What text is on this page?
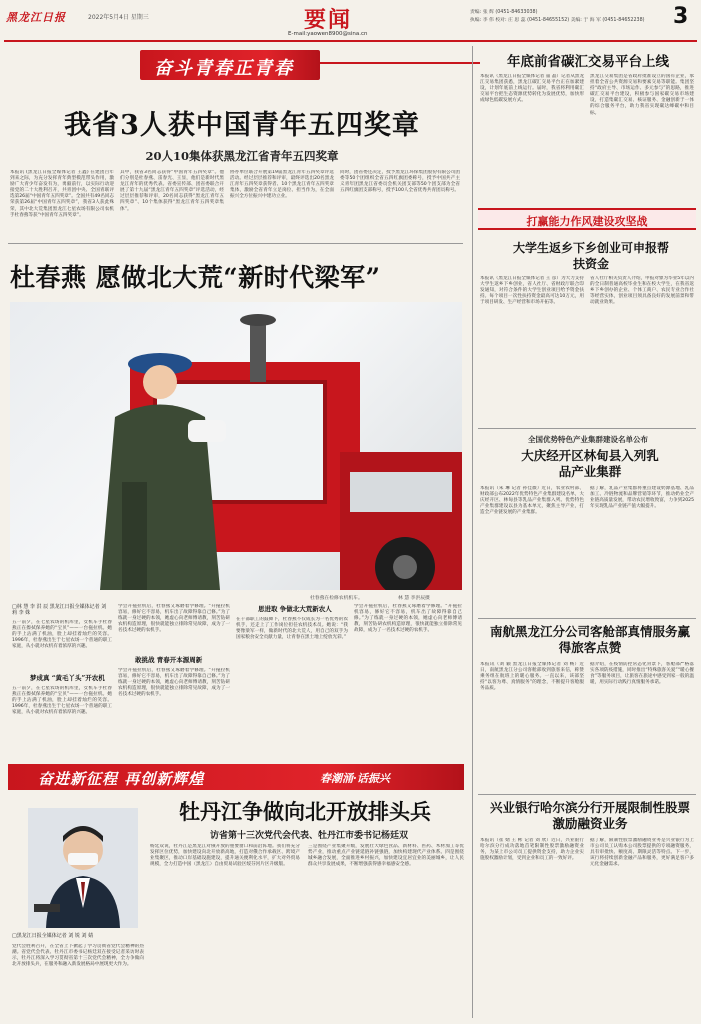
黑龙江日报	2022年5月4日 星期三	要闻
E-mail:yaowen8900@sina.cn
责编: 张 辉 (0451-84633038)
执编: 李 伟 校对: 庄 思 蕊 (0451-84655152) 美编: 于 海 军 (0451-84652238)	3
奋斗青春正青春
我省3人获中国青年五四奖章
20人10集体获黑龙江省青年五四奖章
本报讯 (黑龙江日报全媒体记者 王鑫) 在建团百年到来之际，为充分发挥青年典型模范带头作用，激励广大青少年奋发有为，勇毅前行，以实际行动迎接党的二十大胜利召开，共青团中央、全国青联评选第26届“中国青年五四奖章”。全国共有49名同志荣获第26届“中国青年五四奖章”，我省3人获此殊荣，其中北大荒集团黑龙江七星农场有限公司农机手杜春燕等获“中国青年五四奖章”。
其中，我省3名同志获得“中国青年五四奖章”。他们分别是杜春燕、雷春光、王显，他们是新时代黑龙江青年的优秀代表。省委宣传部、团省委联合开展了第十九届“黑龙江青年五四奖章”评选活动，经过层层推荐和评审，20名同志获得“黑龙江青年五四奖章”、10个集体获得“黑龙江青年五四奖章集体”。
协办单位联合开展第19届黑龙江青年五四奖章评选活动。经过层层推荐和评审，最终评选出20名黑龙江青年五四奖章获得者、10个黑龙江青年五四奖章集体，激励全省青年立足岗位、担当作为，在全面振兴全方位振兴中建功立业。
同时，团省委还决定，授予黑龙江环保集团股份有限公司团委等50个团组织全省五四红旗团委称号，授予中国共产主义青年团黑龙江省委员会机关团支部等50个团支部为全省五四红旗团支部称号，授予100人全省优秀共青团员称号。
杜春燕 愿做北大荒“新时代梁军”
杜春燕在检修农机机车。	林 慧 李洪辰摄
□林 慧 李 洪 辰 黑龙江日报全媒体记者 刘 莉 李 姝
五一前夕，在七星农场的机库里，女机车手杜春燕正在擦拭保养她的“宝贝”——一台拖拉机。她的手上沾满了机油，脸上却挂着灿烂的笑容。1996年，杜春燕出生于七星农场一个普通的职工家庭，从小就对农机有着浓厚的兴趣。
梦成真 “黄毛丫头”开农机
五一前夕，在七星农场的机库里，女机车手杜春燕正在擦拭保养她的“宝贝”——一台拖拉机。她的手上沾满了机油，脸上却挂着灿烂的笑容。1996年，杜春燕出生于七星农场一个普通的职工家庭，从小就对农机有着浓厚的兴趣。
学会开拖拉机后，杜春燕又琢磨着学修理。“开拖拉机容易，修好它不容易，机车出了故障得靠自己修。”为了练就一身过硬的本领，她虚心向老师傅请教，刻苦钻研农机构造原理，很快就能独立排除常见故障，成为了一名技术过硬的农机手。
敢挑战 青春开本源周新
学会开拖拉机后，杜春燕又琢磨着学修理。“开拖拉机容易，修好它不容易，机车出了故障得靠自己修。”为了练就一身过硬的本领，她虚心向老师傅请教，刻苦钻研农机构造原理，很快就能独立排除常见故障，成为了一名技术过硬的农机手。
思进取 争做北大荒新农人
在干部职工的鼓舞下，杜春燕不仅成长为一名优秀的农机手，还走上了工作岗位担任农机技术员。她说：“我要像梁军一样，做新时代的北大荒人，用自己的双手为国家粮食安全贡献力量，让青春在黑土地上绽放光彩。”
学会开拖拉机后，杜春燕又琢磨着学修理。“开拖拉机容易，修好它不容易，机车出了故障得靠自己修。”为了练就一身过硬的本领，她虚心向老师傅请教，刻苦钻研农机构造原理，很快就能独立排除常见故障，成为了一名技术过硬的农机手。
奋进新征程 再创新辉煌	春潮涌·话振兴
牡丹江争做向北开放排头兵
访省第十三次党代会代表、牡丹江市委书记杨廷双
□黑龙江日报全媒体记者 刘 锐 刘 婧
党代会胜利召开，在全省上下掀起了学习贯彻省党代会精神的热潮。省党代会代表、牡丹江市委书记杨廷双在接受记者采访时表示，牡丹江将深入学习贯彻省第十三次党代会精神，全力争做向北开放排头兵，在服务和融入新发展格局中展现更大作为。
杨廷双说，牡丹江是黑龙江对俄开放的重要窗口和前沿阵地。我们将充分发挥区位优势，加快建设向北开放新高地，打造对俄合作承载区、跨境产业集聚区，推动口岸基础设施建设，提升通关便利化水平，扩大对外贸易规模，全力打造中国（黑龙江）自由贸易试验区绥芬河片区升级版。
三是围绕产业集聚升级，发展壮大绿色食品、新材料、医药、木材加工等优势产业，推动重点产业链延链补链强链，加快构建现代产业体系。四是围绕城乡融合发展，全面推进乡村振兴，加快建设宜居宜业的美丽城乡，让人民群众共享发展成果，不断增强获得感幸福感安全感。
年底前省碳汇交易平台上线
本报讯（黑龙江日报全媒体记者 董 晶）记者从黑龙江交易集团获悉，黑龙江碳汇交易平台正在加紧建设，计划年底前上线运行。届时，我省将利用碳汇交易平台把生态资源优势转化为发展优势，加快形成绿色低碳发展方式。
黑龙江交易集团是省政府批准设立的国有企业，承担着全省公共资源交易和要素交易等职能。集团坚持“政府主导、市场运作、多元参与”的思路，推进碳汇交易平台建设，积极参与国家碳交易市场建设，打造集碳汇交易、核证服务、金融创新于一体的综合服务平台，助力我省实现碳达峰碳中和目标。
打赢能力作风建设攻坚战
大学生返乡下乡创业可申报帮扶资金
本报讯（黑龙江日报全媒体记者 王 彦）为大力支持大学生返乡下乡创业，省人社厅、省财政厅联合印发通知，对符合条件的大学生创业项目给予资金扶持。每个项目一次性扶持资金最高可达10万元，用于项目研发、生产经营和市场开拓等。
省人社厅相关负责人介绍，申报对象为毕业5年以内的全日制普通高校毕业生和在校大学生，在我省返乡下乡创办的企业、个体工商户、农民专业合作社等经营实体，创业项目须具备良好的发展前景和带动就业效果。
全国优势特色产业集群建设名单公布
大庆经开区林甸县入列乳品产业集群
本报讯（朱 琳 记者 孙佳薇）近日，农业农村部、财政部公布2022年优势特色产业集群建设名单，大庆经开区、林甸县等乳品产业集群入列。优势特色产业集群建设以县为基本单元，聚焦主导产业，打造全产业链发展的产业集群。
据了解，乳品产业集群将重点建设奶源基地、乳品加工、冷链物流和品牌营销等环节，推动奶业全产业链高质量发展，带动农民增收致富，力争到2025年实现乳品产业链产值大幅提升。
南航黑龙江分公司客舱部真情服务赢得旅客点赞
本报讯（刘 颖 黑龙江日报全媒体记者 刘 畅）近日，南航黑龙江分公司客舱部收到旅客来信，称赞乘务组在航班上的暖心服务。一直以来，该部坚持“以客为尊、真情服务”的理念，不断提升客舱服务品质。
据介绍，在疫情防控常态化背景下，客舱部严格落实各项防疫措施，同时推出“特殊旅客关爱”“暖心餐食”等服务项目，让旅客在旅途中感受到家一般的温暖，用实际行动践行真情服务承诺。
兴业银行哈尔滨分行开展限制性股票激励融资业务
本报讯（崔 婧 王 彬 记者 刘 欣）近日，兴业银行哈尔滨分行成功落地首笔限制性股票激励融资业务，为某上市公司员工提供资金支持，助力企业实施股权激励计划，受到企业和员工的一致好评。
据了解，限制性股票激励融资业务是兴业银行为上市公司员工认购本公司股票提供的专项融资服务，具有审批快、额度高、期限灵活等特点。下一步，该行将持续创新金融产品和服务，更好满足客户多元化金融需求。
